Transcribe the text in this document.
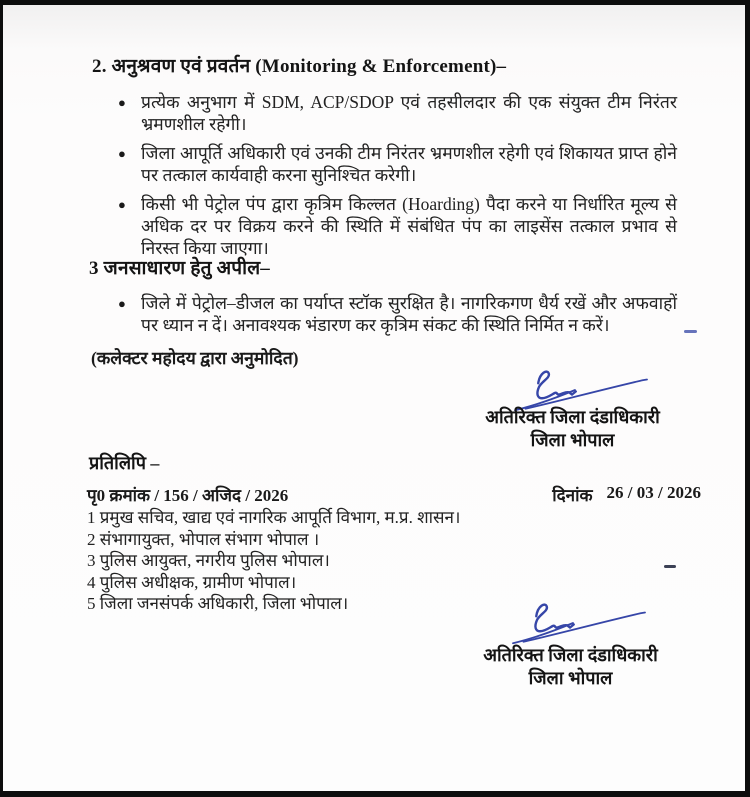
2. अनुश्रवण एवं प्रवर्तन (Monitoring & Enforcement)–
● प्रत्येक अनुभाग में SDM, ACP/SDOP एवं तहसीलदार की एक संयुक्त टीम निरंतर भ्रमणशील रहेगी।
● जिला आपूर्ति अधिकारी एवं उनकी टीम निरंतर भ्रमणशील रहेगी एवं शिकायत प्राप्त होने पर तत्काल कार्यवाही करना सुनिश्चित करेगी।
● किसी भी पेट्रोल पंप द्वारा कृत्रिम किल्लत (Hoarding) पैदा करने या निर्धारित मूल्य से अधिक दर पर विक्रय करने की स्थिति में संबंधित पंप का लाइसेंस तत्काल प्रभाव से निरस्त किया जाएगा।
3 जनसाधारण हेतु अपील–
● जिले में पेट्रोल–डीजल का पर्याप्त स्टॉक सुरक्षित है। नागरिकगण धैर्य रखें और अफवाहों पर ध्यान न दें। अनावश्यक भंडारण कर कृत्रिम संकट की स्थिति निर्मित न करें।
(कलेक्टर महोदय द्वारा अनुमोदित)
अतिरिक्त जिला दंडाधिकारी
जिला भोपाल
प्रतिलिपि –
पृ0 क्रमांक / 156 / अजिद / 2026	दिनांक 26 / 03 / 2026
1 प्रमुख सचिव, खाद्य एवं नागरिक आपूर्ति विभाग, म.प्र. शासन।
2 संभागायुक्त, भोपाल संभाग भोपाल ।
3 पुलिस आयुक्त, नगरीय पुलिस भोपाल।
4 पुलिस अधीक्षक, ग्रामीण भोपाल।
5 जिला जनसंपर्क अधिकारी, जिला भोपाल।
अतिरिक्त जिला दंडाधिकारी
जिला भोपाल
